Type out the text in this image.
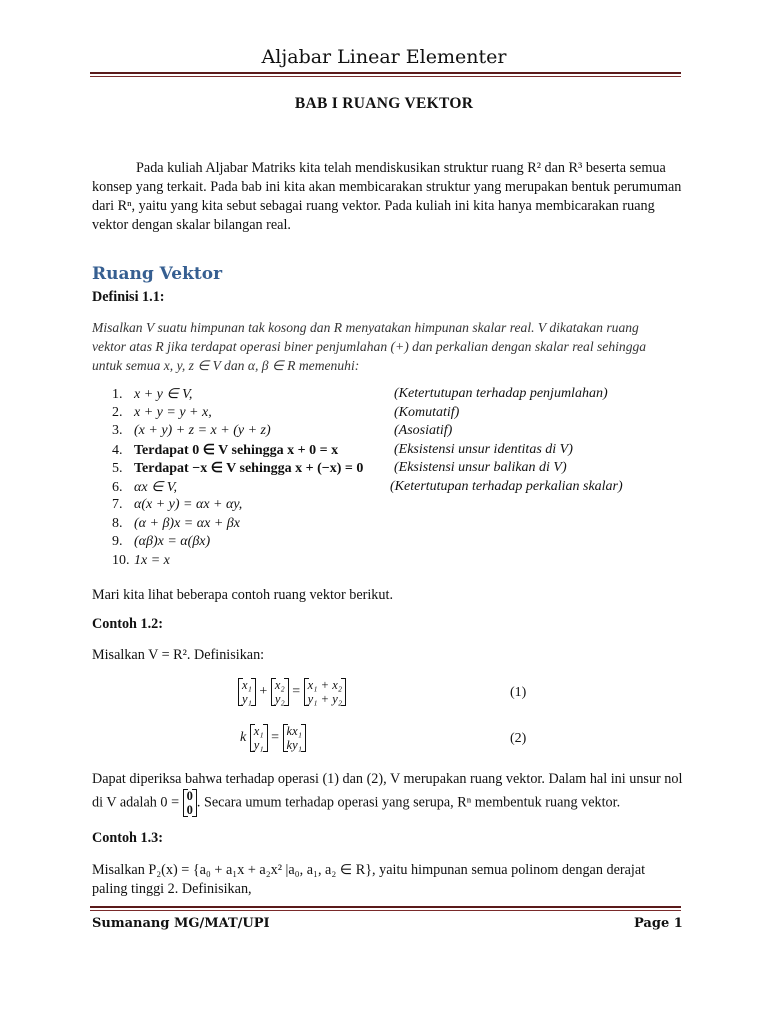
Aljabar Linear Elementer
BAB I RUANG VEKTOR
Pada kuliah Aljabar Matriks kita telah mendiskusikan struktur ruang R² dan R³ beserta semua
konsep yang terkait. Pada bab ini kita akan membicarakan struktur yang merupakan bentuk perumuman
dari Rⁿ, yaitu yang kita sebut sebagai ruang vektor. Pada kuliah ini kita hanya membicarakan ruang
vektor dengan skalar bilangan real.
Ruang Vektor
Definisi 1.1:
Misalkan V suatu himpunan tak kosong dan R menyatakan himpunan skalar real. V dikatakan ruang
vektor atas R jika terdapat operasi biner penjumlahan (+) dan perkalian dengan skalar real sehingga
untuk semua x, y, z ∈ V dan α, β ∈ R memenuhi:
1. x + y ∈ V,	(Ketertutupan terhadap penjumlahan)
2. x + y = y + x,	(Komutatif)
3. (x + y) + z = x + (y + z)	(Asosiatif)
4. Terdapat 0 ∈ V sehingga x + 0 = x	(Eksistensi unsur identitas di V)
5. Terdapat −x ∈ V sehingga x + (−x) = 0 (Eksistensi unsur balikan di V)
6. αx ∈ V,	(Ketertutupan terhadap perkalian skalar)
7. α(x + y) = αx + αy,
8. (α + β)x = αx + βx
9. (αβ)x = α(βx)
10. 1x = x
Mari kita lihat beberapa contoh ruang vektor berikut.
Contoh 1.2:
Misalkan V = R². Definisikan:
x₁
y₁ + x₂
y₂ = x₁ + x₂
y₁ + y₂	(1)
k x₁
y₁ = kx₁
ky₁	(2)
Dapat diperiksa bahwa terhadap operasi (1) dan (2), V merupakan ruang vektor. Dalam hal ini unsur nol
di V adalah 0 = 0
0 . Secara umum terhadap operasi yang serupa, Rⁿ membentuk ruang vektor.
Contoh 1.3:
Misalkan P₂(x) = {a₀ + a₁x + a₂x² |a₀, a₁, a₂ ∈ R}, yaitu himpunan semua polinom dengan derajat
paling tinggi 2. Definisikan,
Sumanang MG/MAT/UPI	Page 1
